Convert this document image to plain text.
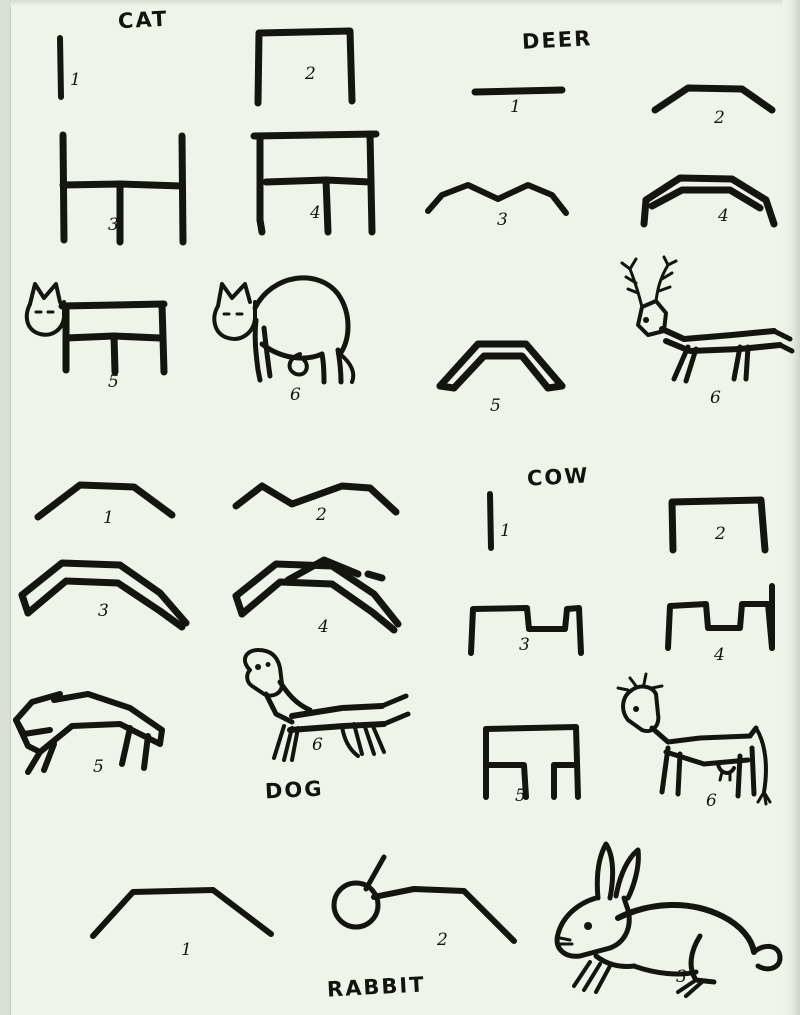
CAT
DEER
COW
DOG
RABBIT
1	2
3
4
5
6
1
2
3	4
5	6
1	2
3
4
5
6
1	2
3	4
5	6
1	2
3
